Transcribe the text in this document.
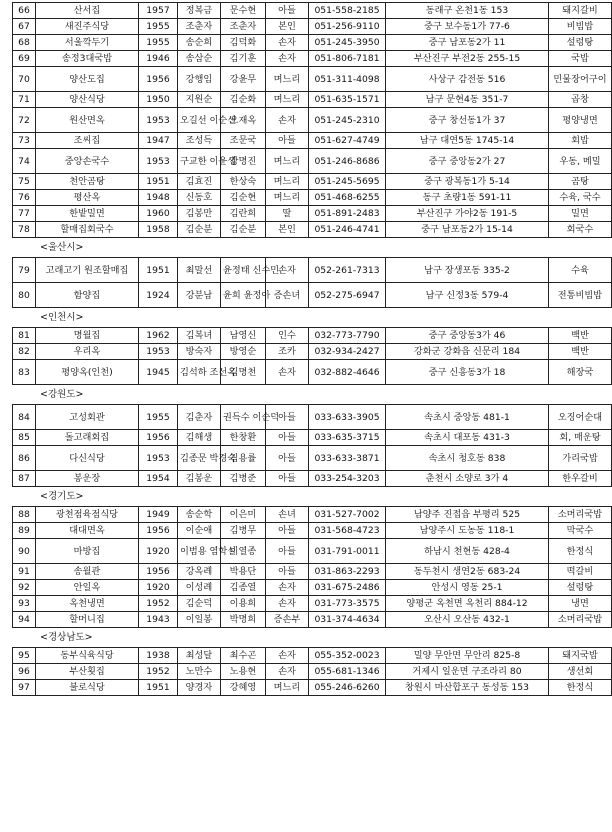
66	산서집	1957	정복금	문수현	아들	051-558-2185	동래구 온천1동 153	돼지갈비
67	새진주식당	1955	조춘자	조춘자	본인	051-256-9110	중구 보수동1가 77-6	비빔밥
68	서울깍두기	1955	송순희	김덕화	손자	051-245-3950	중구 남포동2가 11	설렁탕
69	송정3대국밥	1946	송삼순	김기훈	손자	051-806-7181	부산진구 부전2동 255-15	국밥
70	양산도집	1956	강행임	강윤무	며느리	051-311-4098	사상구 감전동 516	민물장어구이
71	양산식당	1950	지원순	김순화	며느리	051-635-1571	남구 문현4동 351-7	곱창
72	원산면옥	1953	오길선 이순선	오재옥	손자	051-245-2310	중구 창선동1가 37	평양냉면
73	조씨집	1947	조성득	조문국	아들	051-627-4749	남구 대연5동 1745-14	회밥
74	중앙손국수	1953	구교한 이윤생	강명진	며느리	051-246-8686	중구 중앙동2가 27	우동, 메밀
75	천안곰탕	1951	김효진	한상숙	며느리	051-245-5695	중구 광복동1가 5-14	곰탕
76	평산옥	1948	신동호	김순현	며느리	051-468-6255	동구 초량1동 591-11	수육, 국수
77	한밭밀면	1960	김봉만	김란희	딸	051-891-2483	부산진구 가야2동 191-5	밀면
78	할매집회국수	1958	김순분	김순분	본인	051-246-4741	중구 남포동2가 15-14	회국수
<울산시>
79	고래고기 원조할매집	1951	최말선	윤정태 신수민	손자	052-261-7313	남구 장생포동 335-2	수육
80	함양집	1924	강분남	윤희 윤정아	증손녀	052-275-6947	남구 신정3동 579-4	전통비빔밥
<인천시>
81	명월집	1962	김복녀	남영신	인수	032-773-7790	중구 중앙동3가 46	백반
82	우리옥	1953	방숙자	방영순	조카	032-934-2427	강화군 강화읍 신문리 184	백반
83	평양옥(인천)	1945	김석하 조선옥	김명천	손자	032-882-4646	중구 신흥동3가 18	해장국
<강원도>
84	고성회관	1955	김춘자	권득수 이순덕	아들	033-633-3905	속초시 중앙동 481-1	오징어순대
85	돌고래회집	1956	김해생	한창환	아들	033-635-3715	속초시 대포동 431-3	회, 매운탕
86	다신식당	1953	김종문 박경숙	김용률	아들	033-633-3871	속초시 청호동 838	가리국밥
87	봉운장	1954	김봉운	김병준	아들	033-254-3203	춘천시 소양로 3가 4	한우갈비
<경기도>
88	광천점육점식당	1949	송순학	이은미	손녀	031-527-7002	남양주 진접읍 부평리 525	소머리국밥
89	대대면옥	1956	이순애	김병무	아들	031-568-4723	남양주시 도농동 118-1	막국수
90	마방집	1920	이범용 염학실	이열종	아들	031-791-0011	하남시 천현동 428-4	한정식
91	송월관	1956	강옥례	박용단	아들	031-863-2293	동두천시 생연2동 683-24	떡갈비
92	안일옥	1920	이성례	김종열	손자	031-675-2486	안성시 영동 25-1	설렁탕
93	옥천냉면	1952	김순덕	이용희	손자	031-773-3575	양평군 옥천면 옥천리 884-12	냉면
94	할머니집	1943	이일봉	박명희	증손부	031-374-4634	오산시 오산동 432-1	소머리국밥
<경상남도>
95	동부식육식당	1938	최성달	최수곤	손자	055-352-0023	밀양 무안면 무안리 825-8	돼지국밥
96	부산횟집	1952	노만수	노용현	손자	055-681-1346	거제시 일운면 구조라리 80	생선회
97	불로식당	1951	양경자	강혜영	며느리	055-246-6260	창원시 마산합포구 동성동 153	한정식
